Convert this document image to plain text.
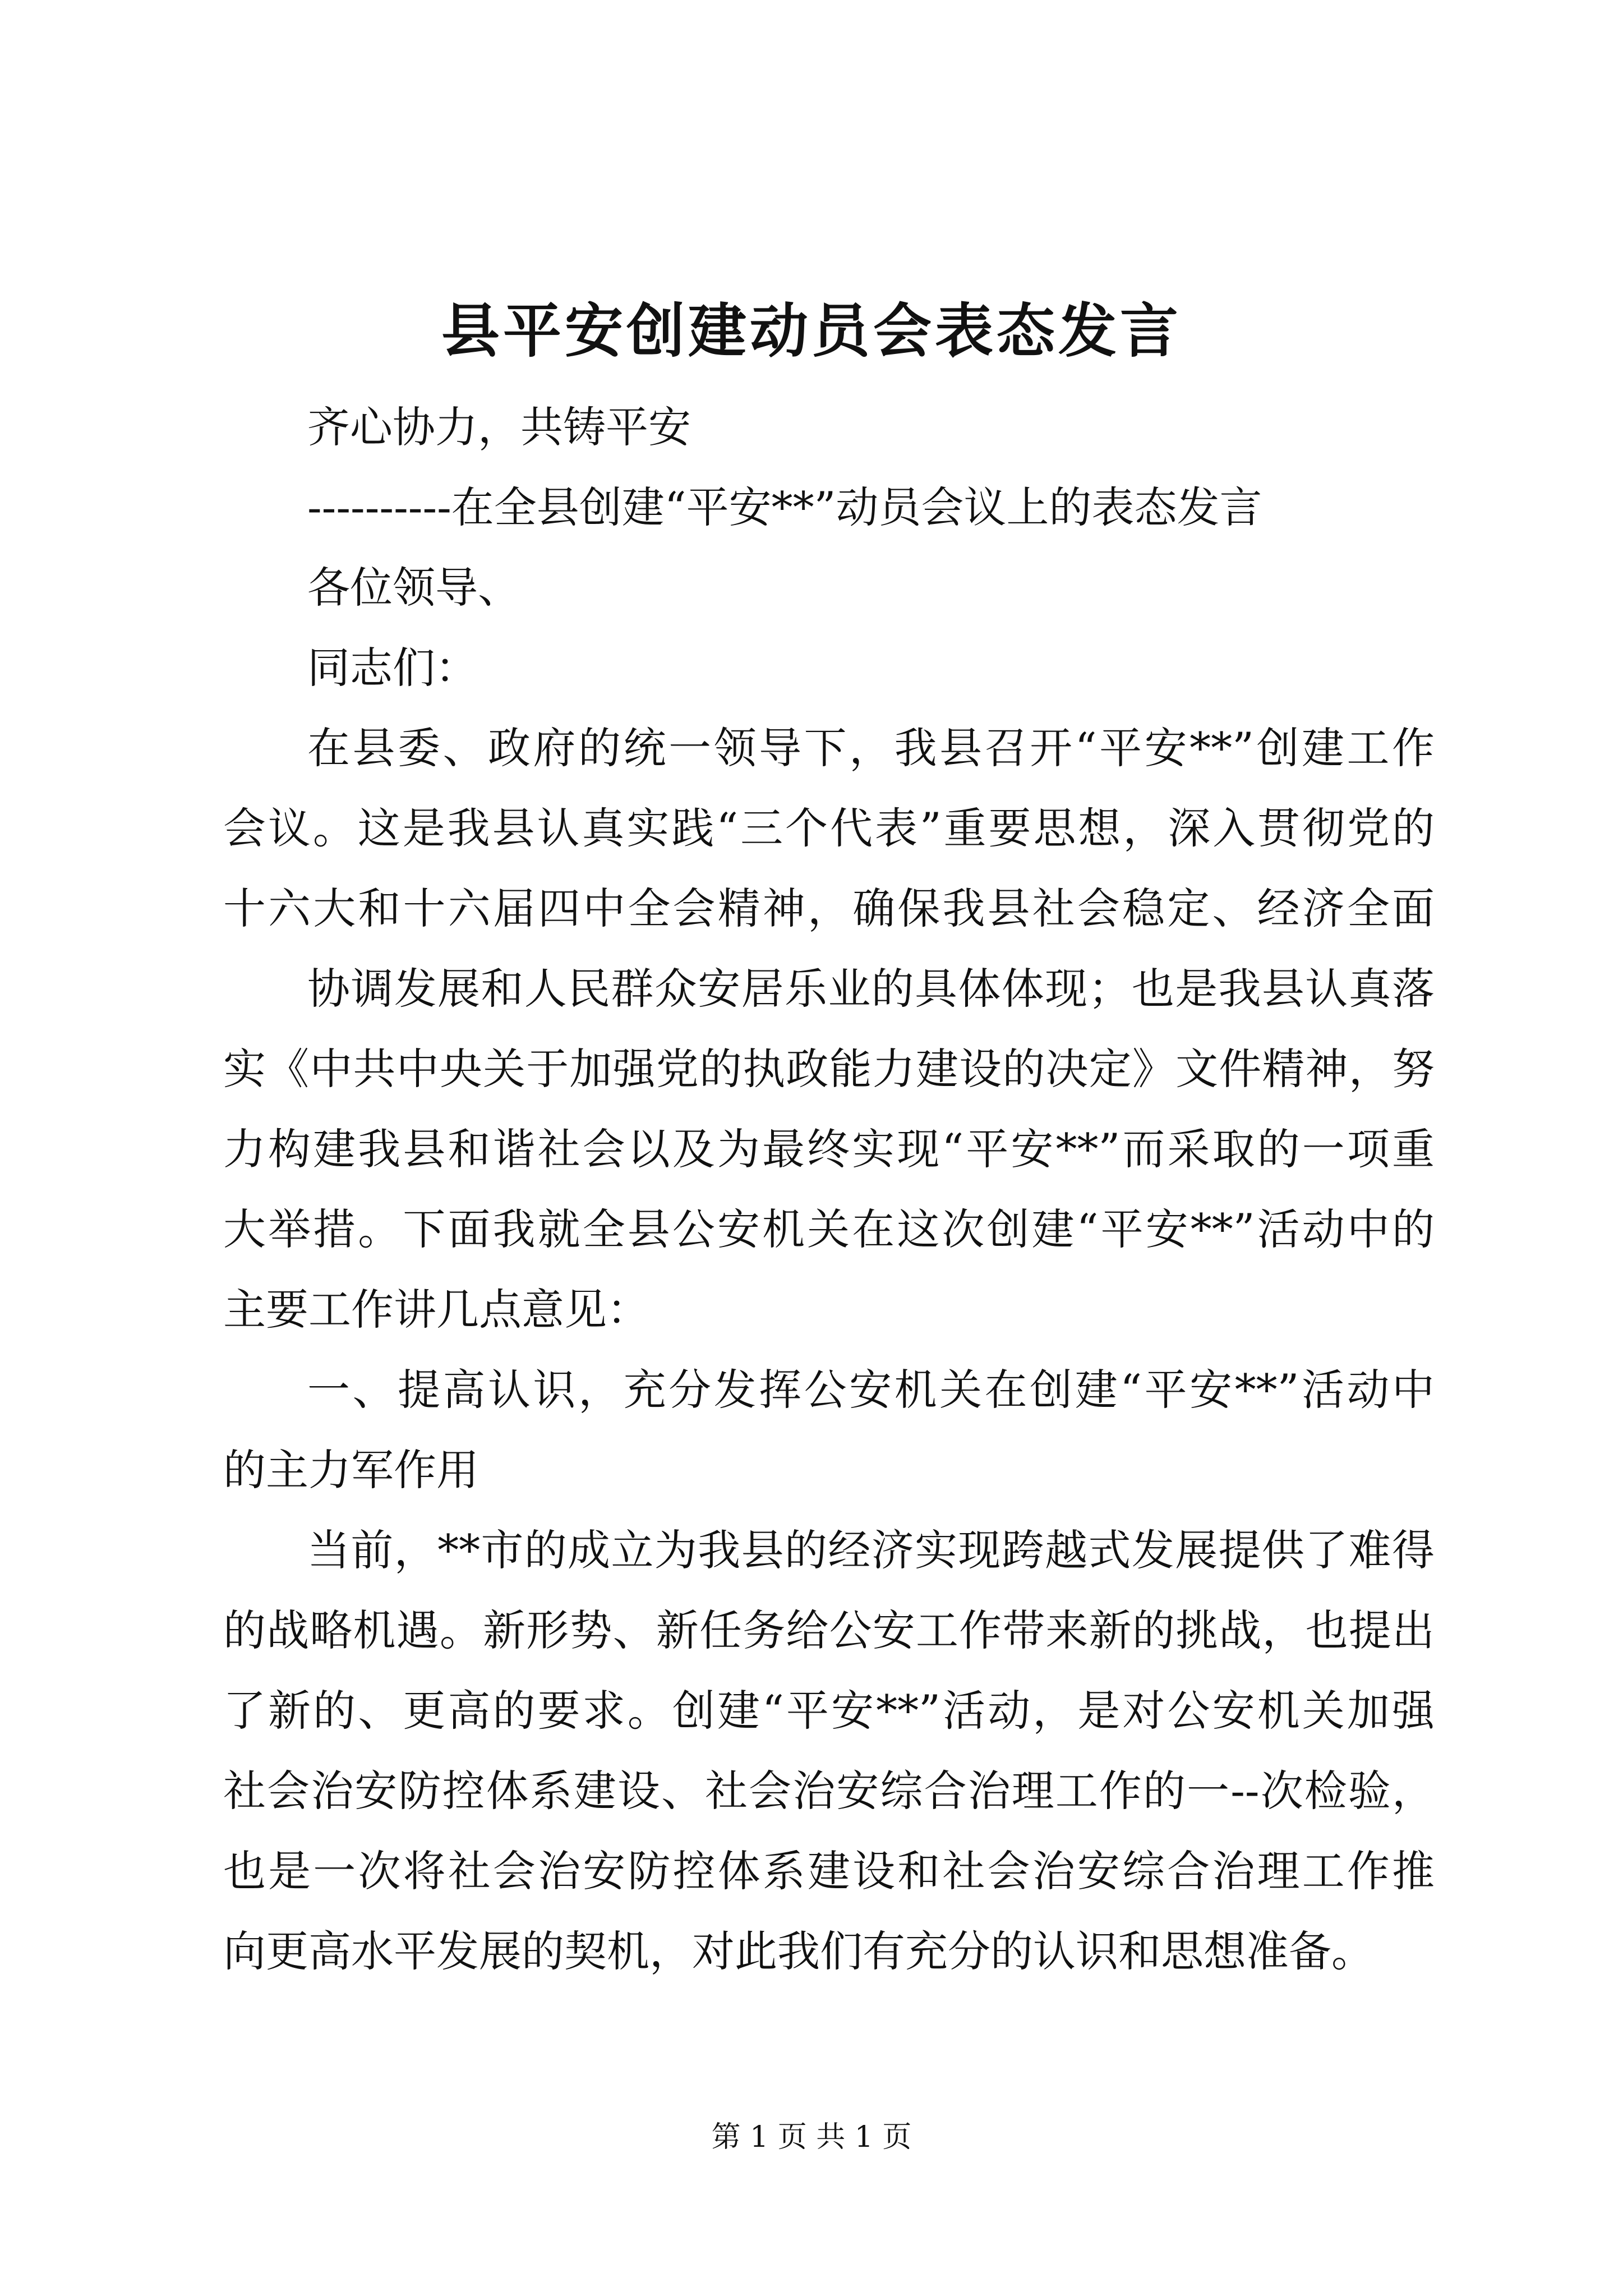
县平安创建动员会表态发言
齐心协力，共铸平安
----------在全县创建“平安**”动员会议上的表态发言
各位领导、
同志们：
在县委、政府的统一领导下，我县召开“平安**”创建工作
会议。这是我县认真实践“三个代表”重要思想，深入贯彻党的
十六大和十六届四中全会精神，确保我县社会稳定、经济全面
协调发展和人民群众安居乐业的具体体现；也是我县认真落
实《中共中央关于加强党的执政能力建设的决定》文件精神，努
力构建我县和谐社会以及为最终实现“平安**”而采取的一项重
大举措。下面我就全县公安机关在这次创建“平安**”活动中的
主要工作讲几点意见：
一、提高认识，充分发挥公安机关在创建“平安**”活动中
的主力军作用
当前，**市的成立为我县的经济实现跨越式发展提供了难得
的战略机遇。新形势、新任务给公安工作带来新的挑战，也提出
了新的、更高的要求。创建“平安**”活动，是对公安机关加强
社会治安防控体系建设、社会治安综合治理工作的一--次检验，
也是一次将社会治安防控体系建设和社会治安综合治理工作推
向更高水平发展的契机，对此我们有充分的认识和思想准备。
第 1 页 共 1 页
